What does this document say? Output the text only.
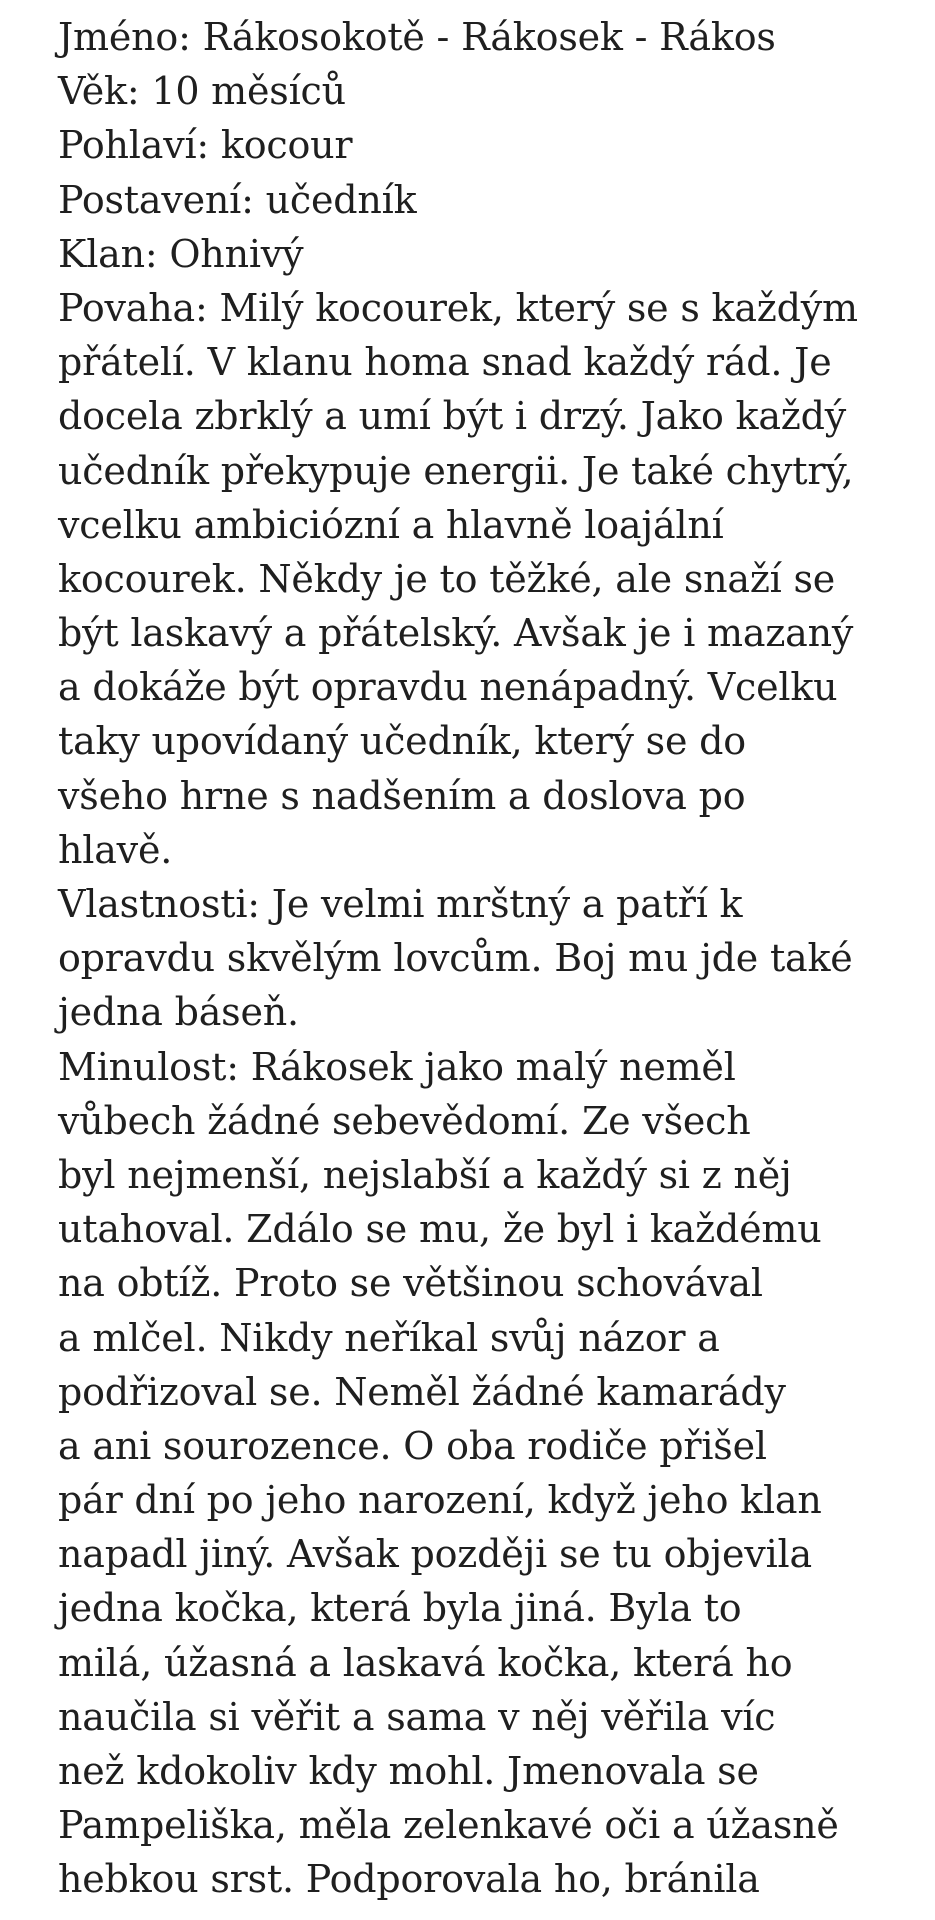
Jméno: Rákosokotě - Rákosek - Rákos
Věk: 10 měsíců
Pohlaví: kocour
Postavení: učedník
Klan: Ohnivý
Povaha: Milý kocourek, který se s každým
přátelí. V klanu homa snad každý rád. Je
docela zbrklý a umí být i drzý. Jako každý
učedník překypuje energii. Je také chytrý,
vcelku ambiciózní a hlavně loajální
kocourek. Někdy je to těžké, ale snaží se
být laskavý a přátelský. Avšak je i mazaný
a dokáže být opravdu nenápadný. Vcelku
taky upovídaný učedník, který se do
všeho hrne s nadšením a doslova po
hlavě.
Vlastnosti: Je velmi mrštný a patří k
opravdu skvělým lovcům. Boj mu jde také
jedna báseň.
Minulost: Rákosek jako malý neměl
vůbech žádné sebevědomí. Ze všech
byl nejmenší, nejslabší a každý si z něj
utahoval. Zdálo se mu, že byl i každému
na obtíž. Proto se většinou schovával
a mlčel. Nikdy neříkal svůj názor a
podřizoval se. Neměl žádné kamarády
a ani sourozence. O oba rodiče přišel
pár dní po jeho narození, když jeho klan
napadl jiný. Avšak později se tu objevila
jedna kočka, která byla jiná. Byla to
milá, úžasná a laskavá kočka, která ho
naučila si věřit a sama v něj věřila víc
než kdokoliv kdy mohl. Jmenovala se
Pampeliška, měla zelenkavé oči a úžasně
hebkou srst. Podporovala ho, bránila
